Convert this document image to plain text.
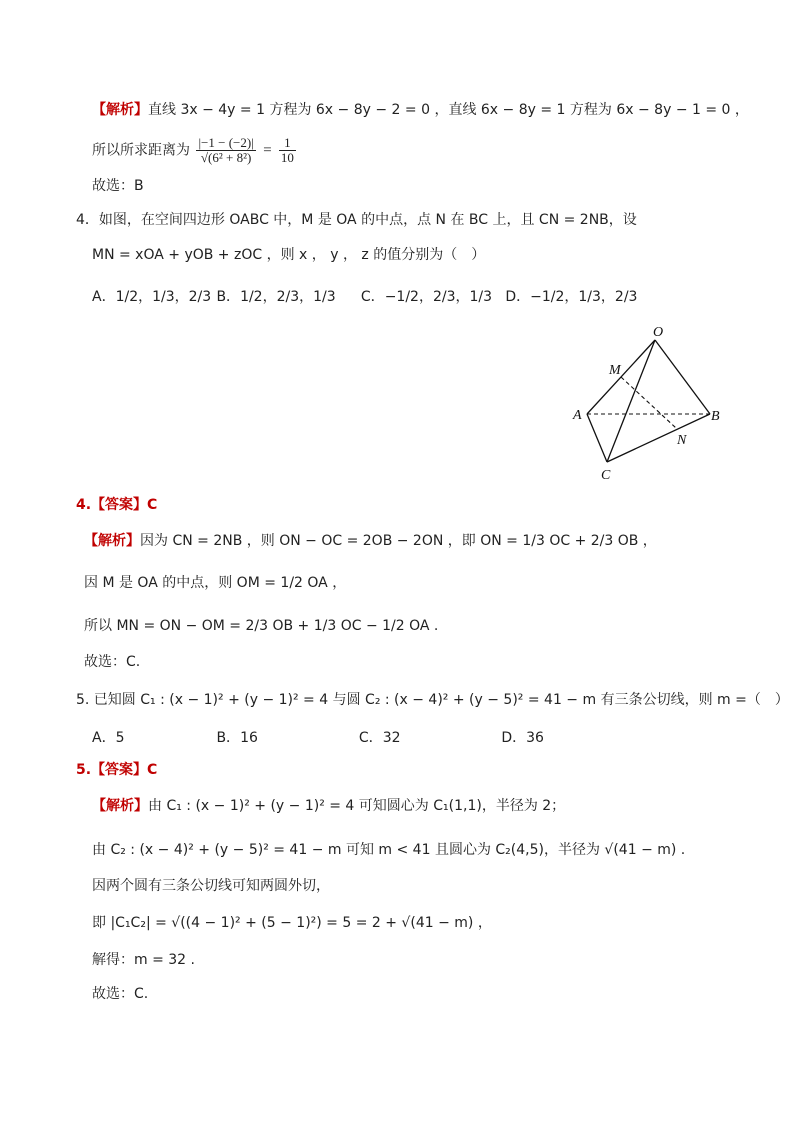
【解析】直线 3x − 4y = 1 方程为 6x − 8y − 2 = 0 ，直线 6x − 8y = 1 方程为 6x − 8y − 1 = 0 ，
所以所求距离为 $\frac{|-1 - (-2)|}{\text{√(6² + 8²)}} = \frac{1}{10}$
故选：B
4．如图，在空间四边形 OABC 中，M 是 OA 的中点，点 N 在 BC 上，且 CN = 2NB，设
MN = xOA + yOB + zOC ，则 x ， y ， z 的值分别为（　）
A．1/2，1/3，2/3 B．1/2，2/3，1/3 C．−1/2，2/3，1/3 D．−1/2，1/3，2/3
O
M
A	B
N
C
4.【答案】C
【解析】因为 CN = 2NB ，则 ON − OC = 2OB − 2ON ，即 ON = 1/3 OC + 2/3 OB ，
因 M 是 OA 的中点，则 OM = 1/2 OA ，
所以 MN = ON − OM = 2/3 OB + 1/3 OC − 1/2 OA .
故选：C.
5. 已知圆 C₁ : (x − 1)² + (y − 1)² = 4 与圆 C₂ : (x − 4)² + (y − 5)² = 41 − m 有三条公切线，则 m =（　）
A．5	B．16	C．32	D．36
5.【答案】C
【解析】由 C₁ : (x − 1)² + (y − 1)² = 4 可知圆心为 C₁(1,1)，半径为 2；
由 C₂ : (x − 4)² + (y − 5)² = 41 − m 可知 m < 41 且圆心为 C₂(4,5)，半径为 √(41 − m) .
因两个圆有三条公切线可知两圆外切，
即 |C₁C₂| = √((4 − 1)² + (5 − 1)²) = 5 = 2 + √(41 − m) ，
解得：m = 32 .
故选：C.
